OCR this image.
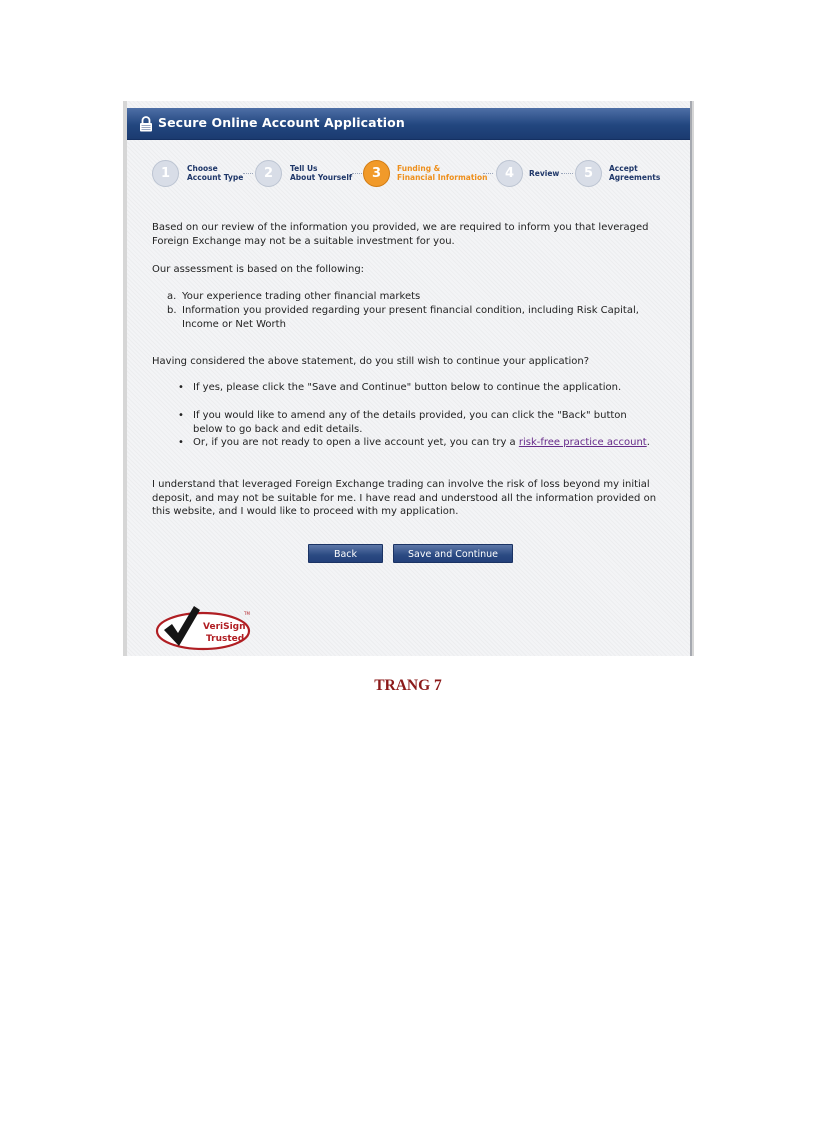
Secure Online Account Application
1	Choose
Account Type	2	Tell Us
About Yourself	3	Funding &
Financial Information	4	Review	5	Accept
Agreements

Based on our review of the information you provided, we are required to inform you that leveraged Foreign Exchange may not be a suitable investment for you.

Our assessment is based on the following:

a. Your experience trading other financial markets
b. Information you provided regarding your present financial condition, including Risk Capital, Income or Net Worth

Having considered the above statement, do you still wish to continue your application?

• If yes, please click the "Save and Continue" button below to continue the application.
• If you would like to amend any of the details provided, you can click the "Back" button below to go back and edit details.
• Or, if you are not ready to open a live account yet, you can try a risk-free practice account.

I understand that leveraged Foreign Exchange trading can involve the risk of loss beyond my initial deposit, and may not be suitable for me. I have read and understood all the information provided on this website, and I would like to proceed with my application.

Back	Save and Continue
VeriSign
Trusted
TM
TRANG 7
